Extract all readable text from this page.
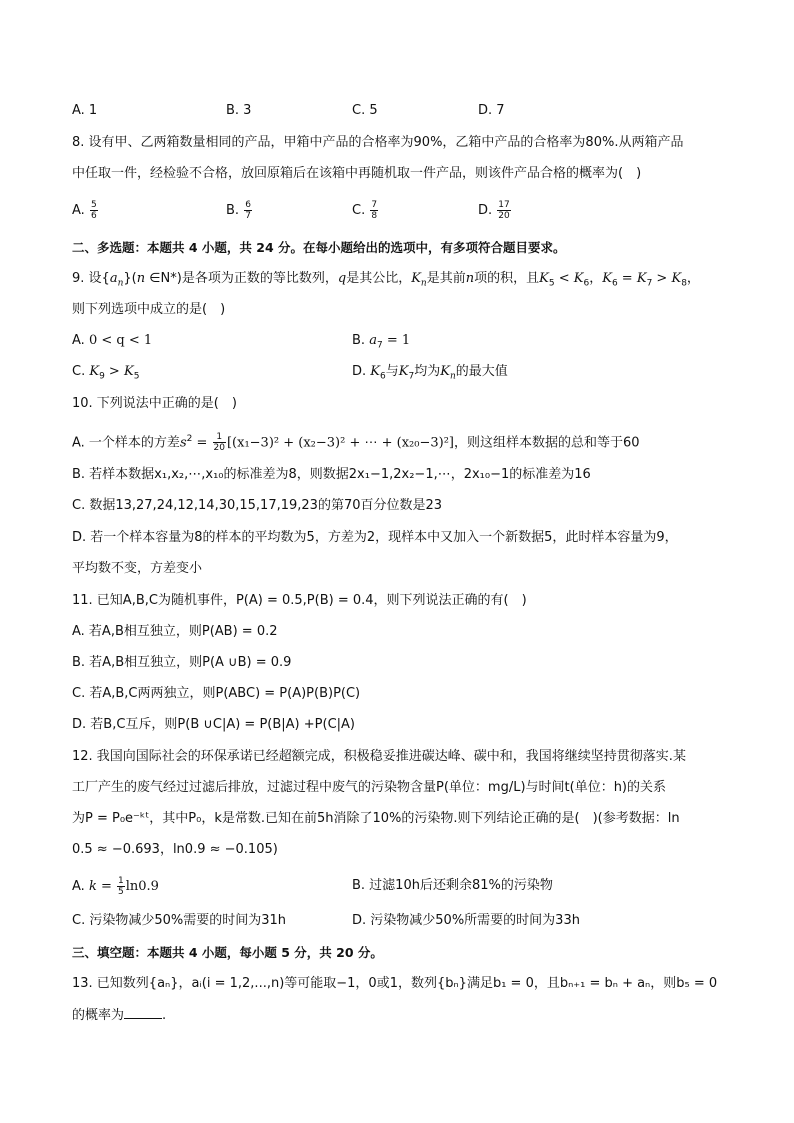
A. 1	B. 3	C. 5	D. 7
8. 设有甲、乙两箱数量相同的产品，甲箱中产品的合格率为90%，乙箱中产品的合格率为80%.从两箱产品
中任取一件，经检验不合格，放回原箱后在该箱中再随机取一件产品，则该件产品合格的概率为(　)
A. $\frac{5}{6}$	B. $\frac{6}{7}$	C. $\frac{7}{8}$	D. $\frac{17}{20}$
二、多选题：本题共 4 小题，共 24 分。在每小题给出的选项中，有多项符合题目要求。
9. 设$\{a_n\}(n$ ∈N*)是各项为正数的等比数列，q是其公比，$K_n$是其前n项的积，且$K_5 < K_6$，$K_6 = K_7 > K_8$，
则下列选项中成立的是(　)
A. 0 < q < 1	B. $a_7 = 1$
C. $K_9 > K_5$	D. $K_6$与$K_7$均为$K_n$的最大值
10. 下列说法中正确的是(　)
A. 一个样本的方差$s^2 = \frac{1}{20} [(x_1-3)^2 + (x_2-3)^2$ + ⋯ + (x₂₀−3)²]，则这组样本数据的总和等于60
B. 若样本数据x₁,x₂,⋯,x₁₀的标准差为8，则数据2x₁−1,2x₂−1,⋯，2x₁₀−1的标准差为16
C. 数据13,27,24,12,14,30,15,17,19,23的第70百分位数是23
D. 若一个样本容量为8的样本的平均数为5，方差为2，现样本中又加入一个新数据5，此时样本容量为9，
平均数不变，方差变小
11. 已知A,B,C为随机事件，P(A) = 0.5,P(B) = 0.4，则下列说法正确的有(　)
A. 若A,B相互独立，则P(AB) = 0.2
B. 若A,B相互独立，则P(A ∪B) = 0.9
C. 若A,B,C两两独立，则P(ABC) = P(A)P(B)P(C)
D. 若B,C互斥，则P(B ∪C|A) = P(B|A) +P(C|A)
12. 我国向国际社会的环保承诺已经超额完成，积极稳妥推进碳达峰、碳中和，我国将继续坚持贯彻落实.某
工厂产生的废气经过过滤后排放，过滤过程中废气的污染物含量P(单位：mg/L)与时间t(单位：h)的关系
为P = P₀e⁻ᵏᵗ，其中P₀，k是常数.已知在前5h消除了10%的污染物.则下列结论正确的是(　)(参考数据：ln
0.5 ≈ −0.693，ln0.9 ≈ −0.105)
A. $k = \frac{1}{5} \ln 0.9$	B. 过滤10h后还剩余81%的污染物
C. 污染物减少50%需要的时间为31h	D. 污染物减少50%所需要的时间为33h
三、填空题：本题共 4 小题，每小题 5 分，共 20 分。
13. 已知数列{aₙ}，aᵢ(i = 1,2,...,n)等可能取−1，0或1，数列{bₙ}满足b₁ = 0，且bₙ₊₁ = bₙ + aₙ，则b₅ = 0
的概率为	.
